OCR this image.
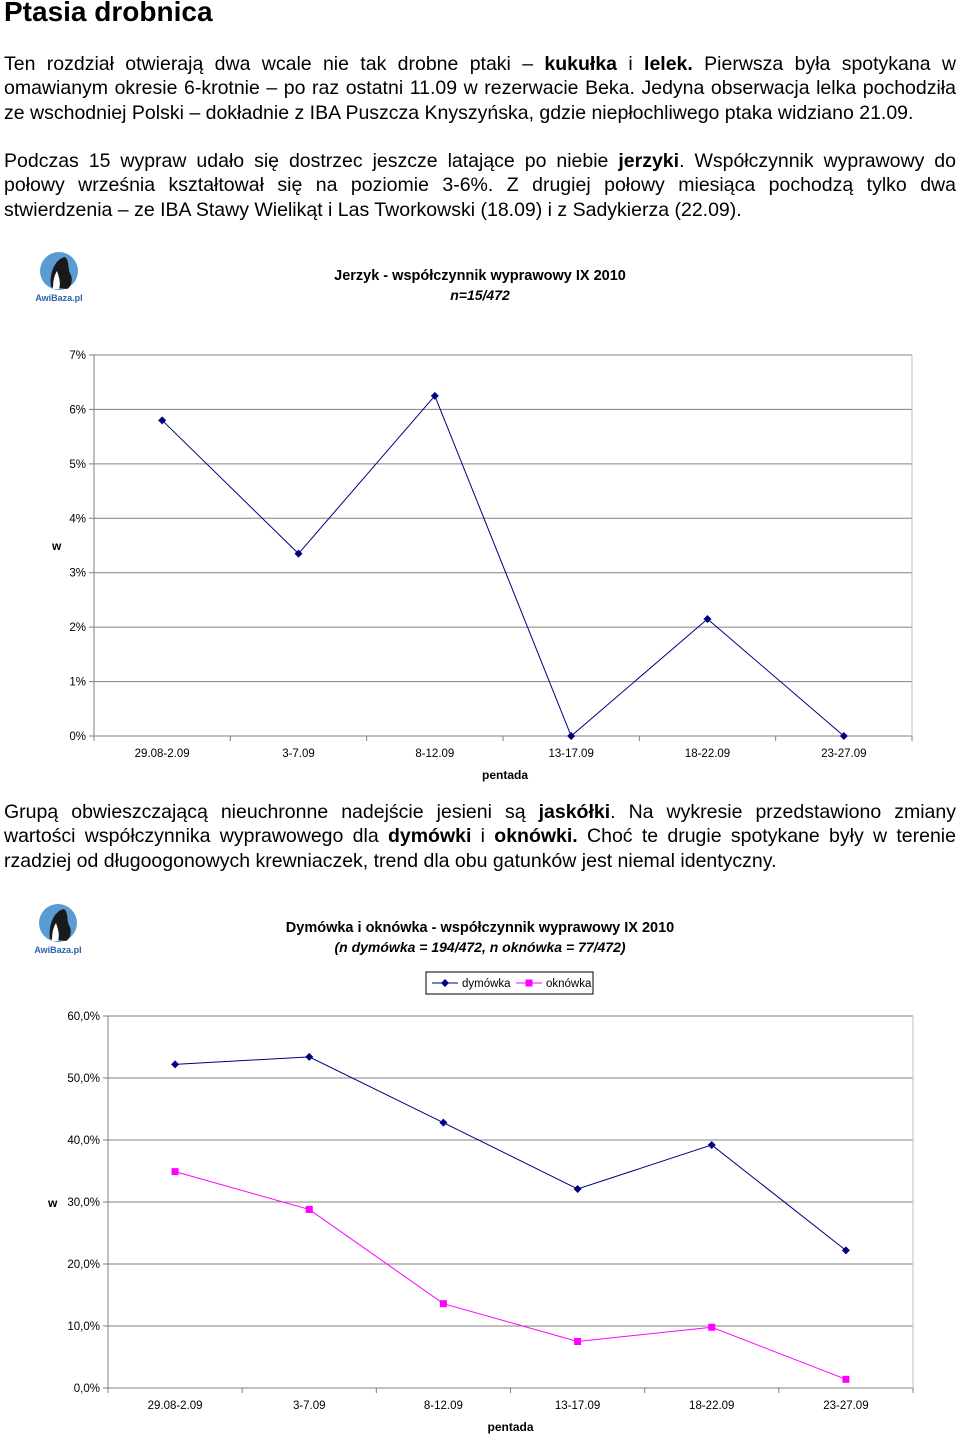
Ptasia drobnica

Ten rozdział otwierają dwa wcale nie tak drobne ptaki – kukułka i lelek. Pierwsza była spotykana w omawianym okresie 6-krotnie – po raz ostatni 11.09 w rezerwacie Beka. Jedyna obserwacja lelka pochodziła ze wschodniej Polski – dokładnie z IBA Puszcza Knyszyńska, gdzie niepłochliwego ptaka widziano 21.09.

Podczas 15 wypraw udało się dostrzec jeszcze latające po niebie jerzyki. Współczynnik wyprawowy do połowy września kształtował się na poziomie 3-6%. Z drugiej połowy miesiąca pochodzą tylko dwa stwierdzenia – ze IBA Stawy Wielikąt i Las Tworkowski (18.09) i z Sadykierza (22.09).

Grupą obwieszczającą nieuchronne nadejście jesieni są jaskółki. Na wykresie przedstawiono zmiany wartości współczynnika wyprawowego dla dymówki i oknówki. Choć te drugie spotykane były w terenie rzadziej od długoogonowych krewniaczek, trend dla obu gatunków jest niemal identyczny.

AwiBaza.pl
Jerzyk - współczynnik wyprawowy IX 2010
n=15/472
0%
1%
2%
3%
4%
5%
6%
7%
29.08-2.09	3-7.09	8-12.09	13-17.09	18-22.09	23-27.09
pentada
w
AwiBaza.pl
Dymówka i oknówka - współczynnik wyprawowy IX 2010
(n dymówka = 194/472, n oknówka = 77/472)
0,0%
10,0%
20,0%
30,0%
40,0%
50,0%
60,0%
29.08-2.09	3-7.09	8-12.09	13-17.09	18-22.09	23-27.09
pentada
w
dymówka	oknówka
